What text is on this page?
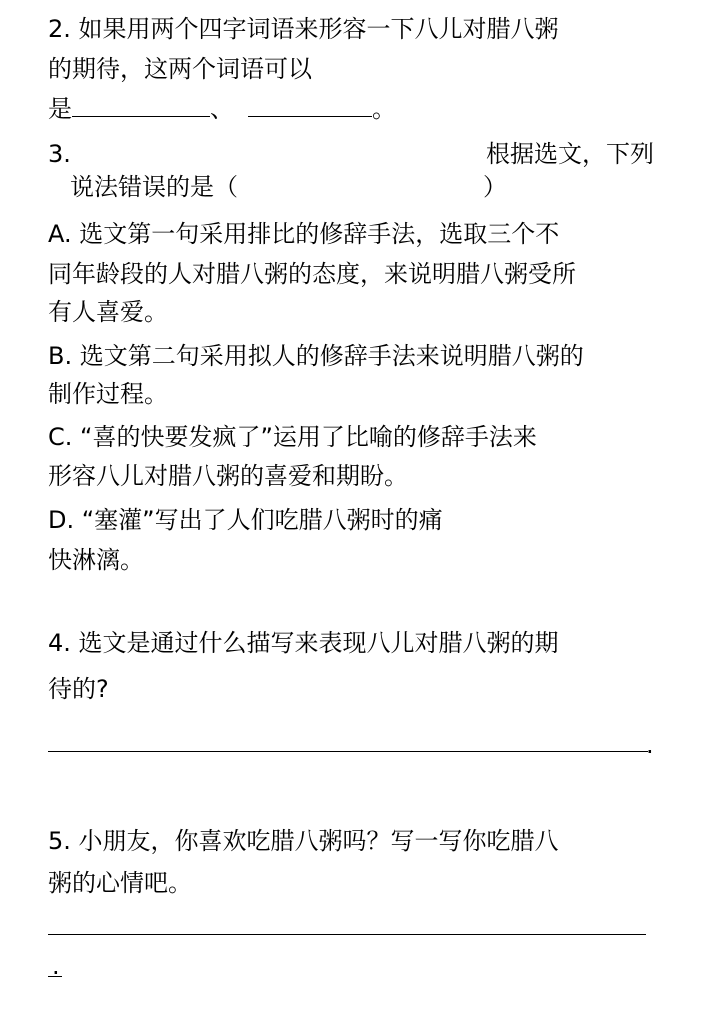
2. 如果用两个四字词语来形容一下八儿对腊八粥
的期待，这两个词语可以
是	、	。
3.	根据选文，下列
说法错误的是（	）
A. 选文第一句采用排比的修辞手法，选取三个不
同年龄段的人对腊八粥的态度，来说明腊八粥受所
有人喜爱。
B. 选文第二句采用拟人的修辞手法来说明腊八粥的
制作过程。
C. “喜的快要发疯了”运用了比喻的修辞手法来
形容八儿对腊八粥的喜爱和期盼。
D. “塞灌”写出了人们吃腊八粥时的痛
快淋漓。
4. 选文是通过什么描写来表现八儿对腊八粥的期
待的?
.
5. 小朋友，你喜欢吃腊八粥吗？写一写你吃腊八
粥的心情吧。
.
